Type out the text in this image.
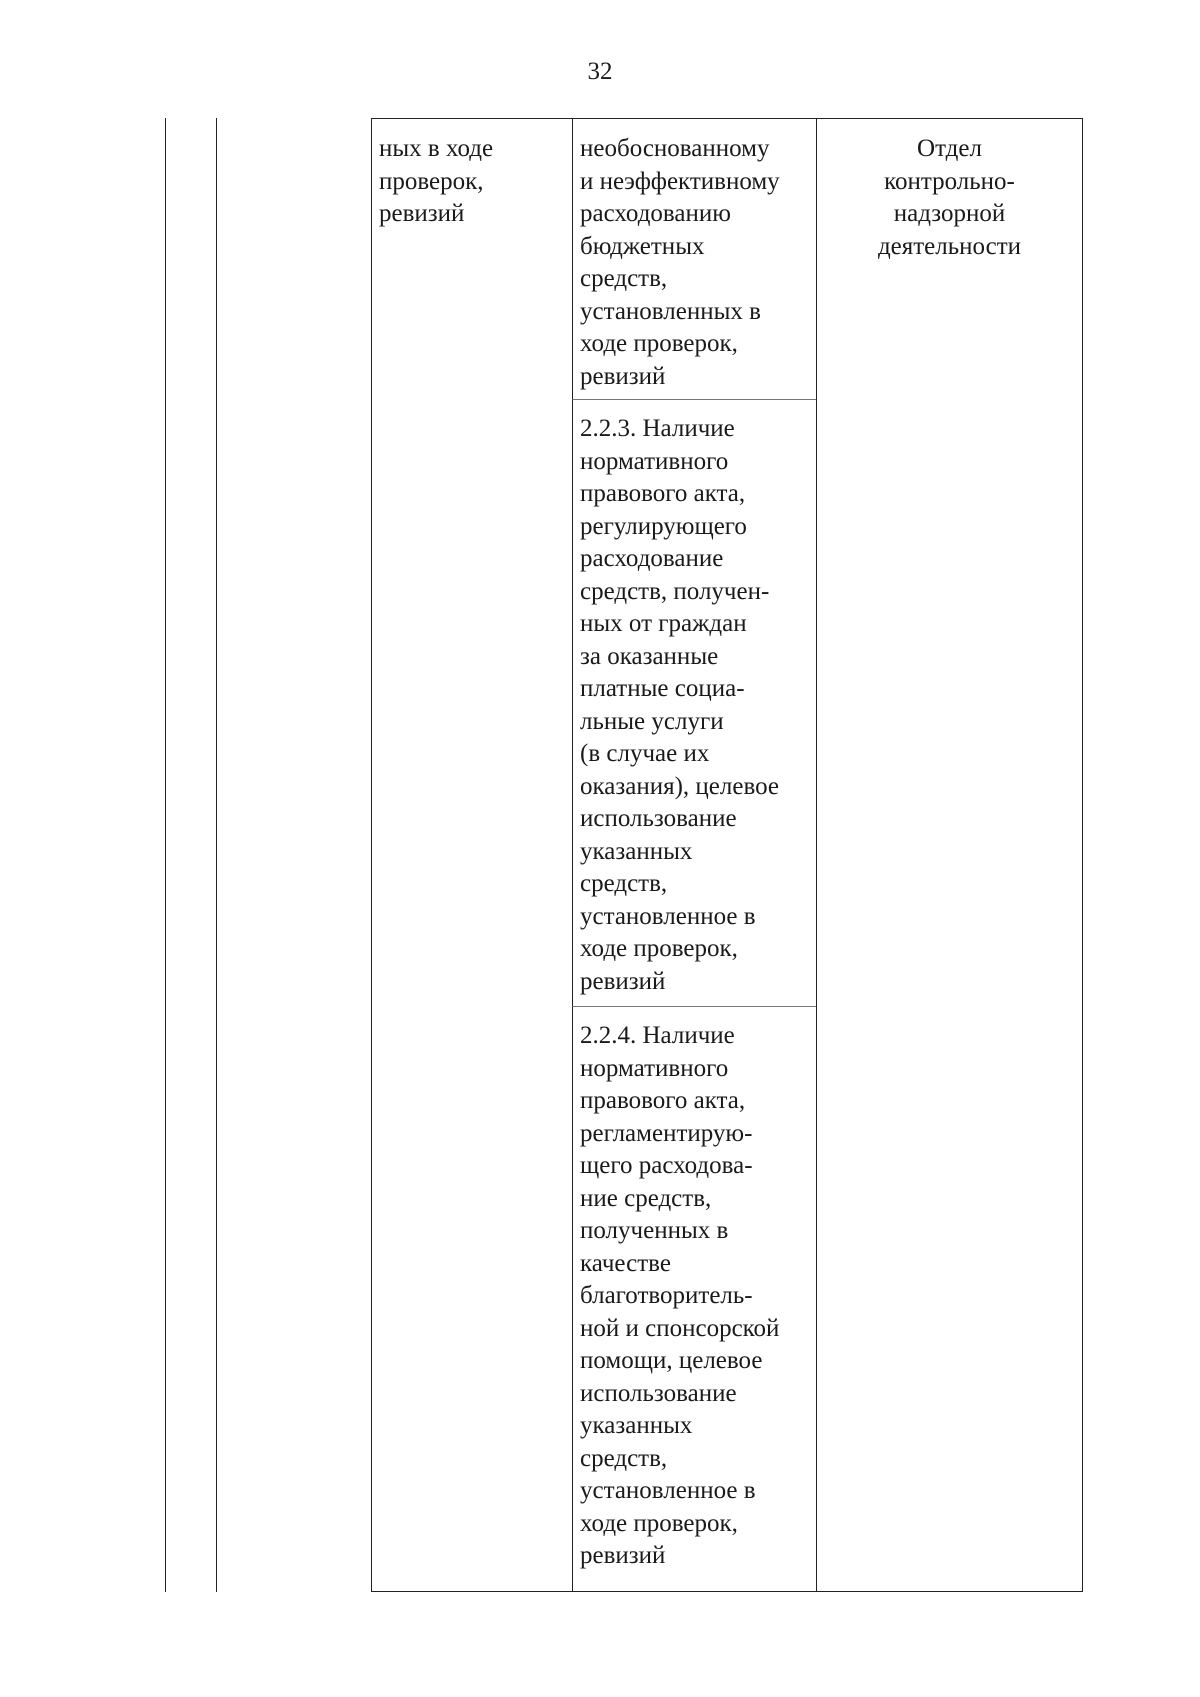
32
ных в ходе
проверок,
ревизий
необоснованному
и неэффективному
расходованию
бюджетных
средств,
установленных в
ходе проверок,
ревизий
2.2.3. Наличие
нормативного
правового акта,
регулирующего
расходование
средств, получен-
ных от граждан
за оказанные
платные социа-
льные услуги
(в случае их
оказания), целевое
использование
указанных
средств,
установленное в
ходе проверок,
ревизий
2.2.4. Наличие
нормативного
правового акта,
регламентирую-
щего расходова-
ние средств,
полученных в
качестве
благотворитель-
ной и спонсорской
помощи, целевое
использование
указанных
средств,
установленное в
ходе проверок,
ревизий
Отдел
контрольно-
надзорной
деятельности
